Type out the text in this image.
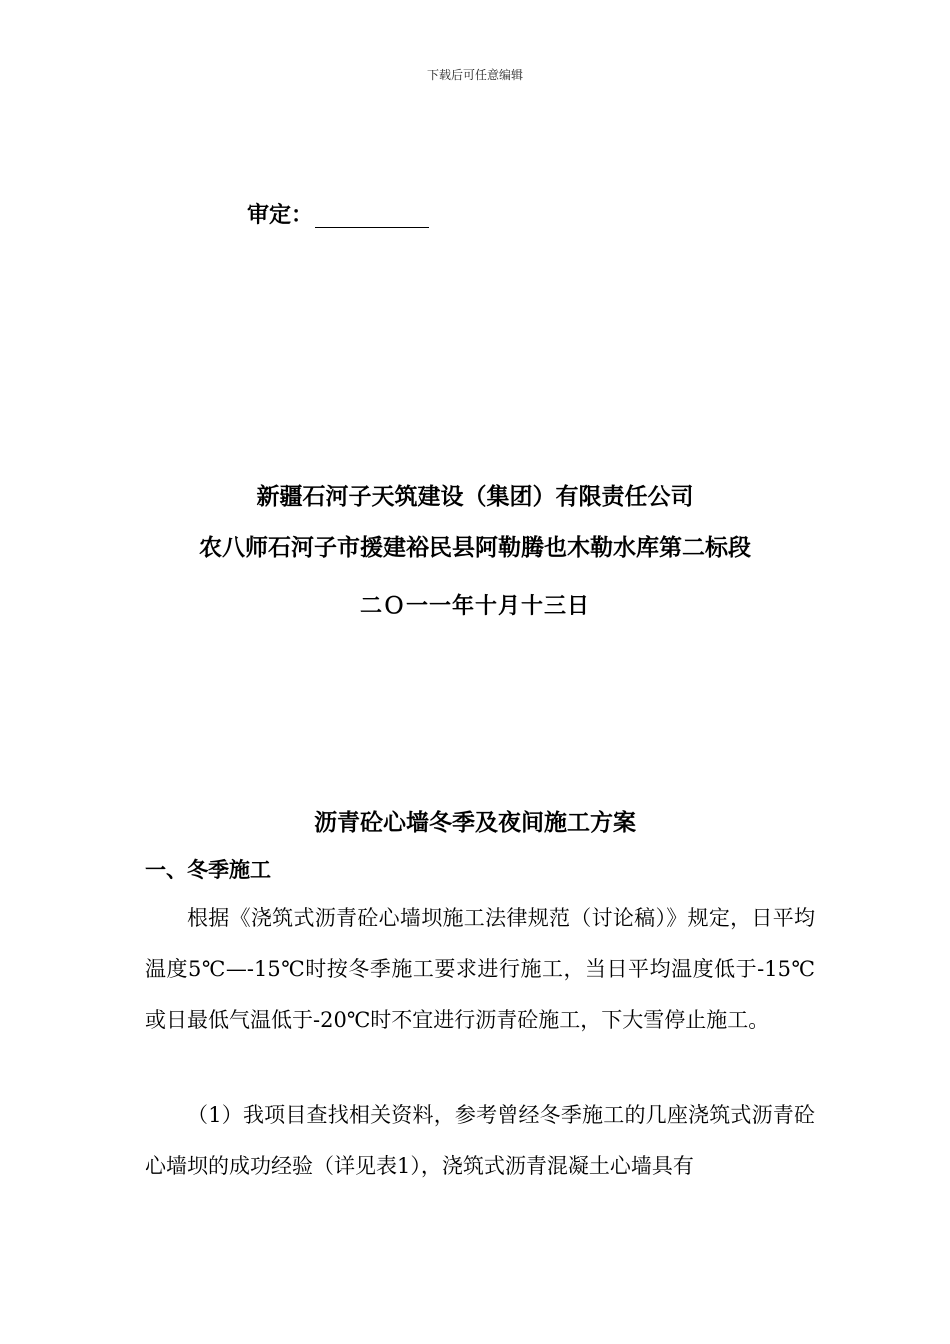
下载后可任意编辑
审定：
新疆石河子天筑建设（集团）有限责任公司
农八师石河子市援建裕民县阿勒腾也木勒水库第二标段
二Ｏ一一年十月十三日
沥青砼心墙冬季及夜间施工方案
一、冬季施工

根据《浇筑式沥青砼心墙坝施工法律规范（讨论稿）》规定，日平均温度5℃—-15℃时按冬季施工要求进行施工，当日平均温度低于-15℃或日最低气温低于-20℃时不宜进行沥青砼施工，下大雪停止施工。

（1）我项目查找相关资料，参考曾经冬季施工的几座浇筑式沥青砼心墙坝的成功经验（详见表1），浇筑式沥青混凝土心墙具有
